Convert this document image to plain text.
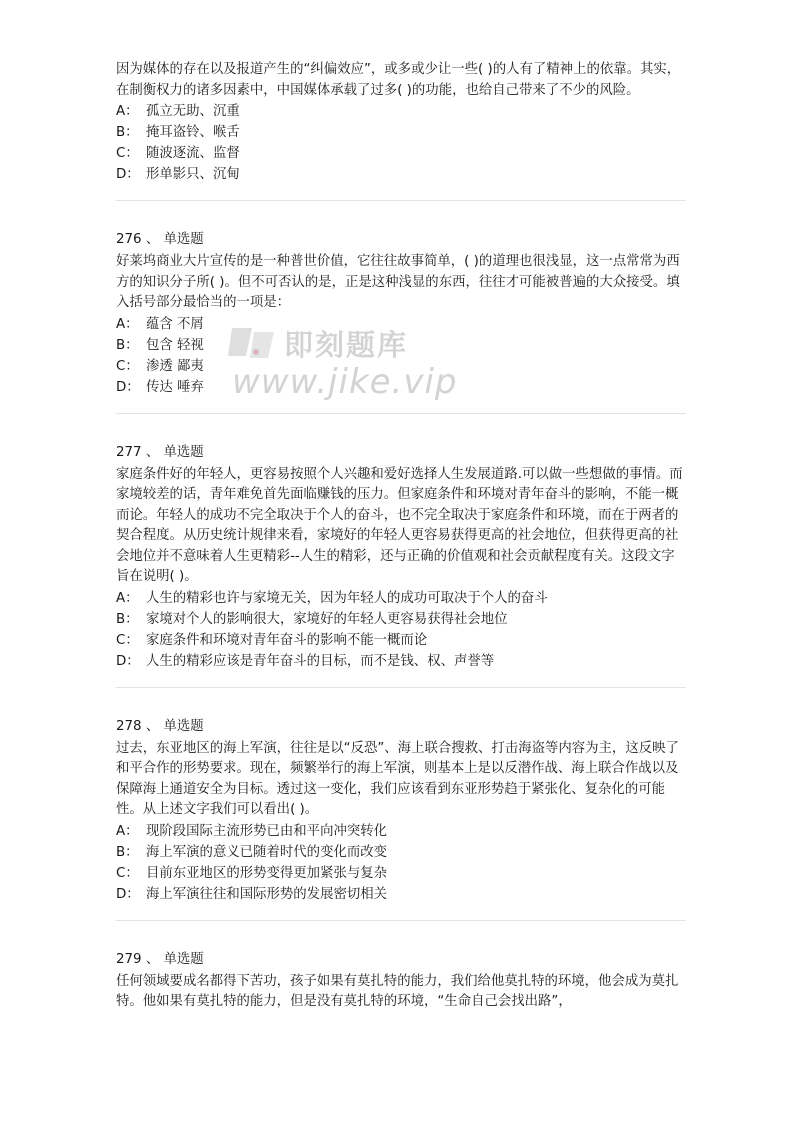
因为媒体的存在以及报道产生的“纠偏效应”，或多或少让一些( )的人有了精神上的依靠。其实，在制衡权力的诸多因素中，中国媒体承载了过多( )的功能，也给自己带来了不少的风险。

A： 孤立无助、沉重
B： 掩耳盗铃、喉舌
C： 随波逐流、监督
D： 形单影只、沉甸

276 、 单选题

好莱坞商业大片宣传的是一种普世价值，它往往故事简单，( )的道理也很浅显，这一点常常为西方的知识分子所( )。但不可否认的是，正是这种浅显的东西，往往才可能被普遍的大众接受。填入括号部分最恰当的一项是：

A： 蕴含 不屑
B： 包含 轻视
C： 渗透 鄙夷
D： 传达 唾弃

277 、 单选题

家庭条件好的年轻人，更容易按照个人兴趣和爱好选择人生发展道路.可以做一些想做的事情。而家境较差的话，青年难免首先面临赚钱的压力。但家庭条件和环境对青年奋斗的影响，不能一概而论。年轻人的成功不完全取决于个人的奋斗，也不完全取决于家庭条件和环境，而在于两者的契合程度。从历史统计规律来看，家境好的年轻人更容易获得更高的社会地位，但获得更高的社会地位并不意味着人生更精彩--人生的精彩，还与正确的价值观和社会贡献程度有关。这段文字旨在说明( )。

A： 人生的精彩也许与家境无关，因为年轻人的成功可取决于个人的奋斗
B： 家境对个人的影响很大，家境好的年轻人更容易获得社会地位
C： 家庭条件和环境对青年奋斗的影响不能一概而论
D： 人生的精彩应该是青年奋斗的目标，而不是钱、权、声誉等

278 、 单选题

过去，东亚地区的海上军演，往往是以“反恐”、海上联合搜救、打击海盗等内容为主，这反映了和平合作的形势要求。现在，频繁举行的海上军演，则基本上是以反潜作战、海上联合作战以及保障海上通道安全为目标。透过这一变化，我们应该看到东亚形势趋于紧张化、复杂化的可能性。从上述文字我们可以看出( )。

A： 现阶段国际主流形势已由和平向冲突转化
B： 海上军演的意义已随着时代的变化而改变
C： 目前东亚地区的形势变得更加紧张与复杂
D： 海上军演往往和国际形势的发展密切相关

279 、 单选题

任何领域要成名都得下苦功，孩子如果有莫扎特的能力，我们给他莫扎特的环境，他会成为莫扎特。他如果有莫扎特的能力，但是没有莫扎特的环境，“生命自己会找出路”，

即刻题库
www.jike.vip
